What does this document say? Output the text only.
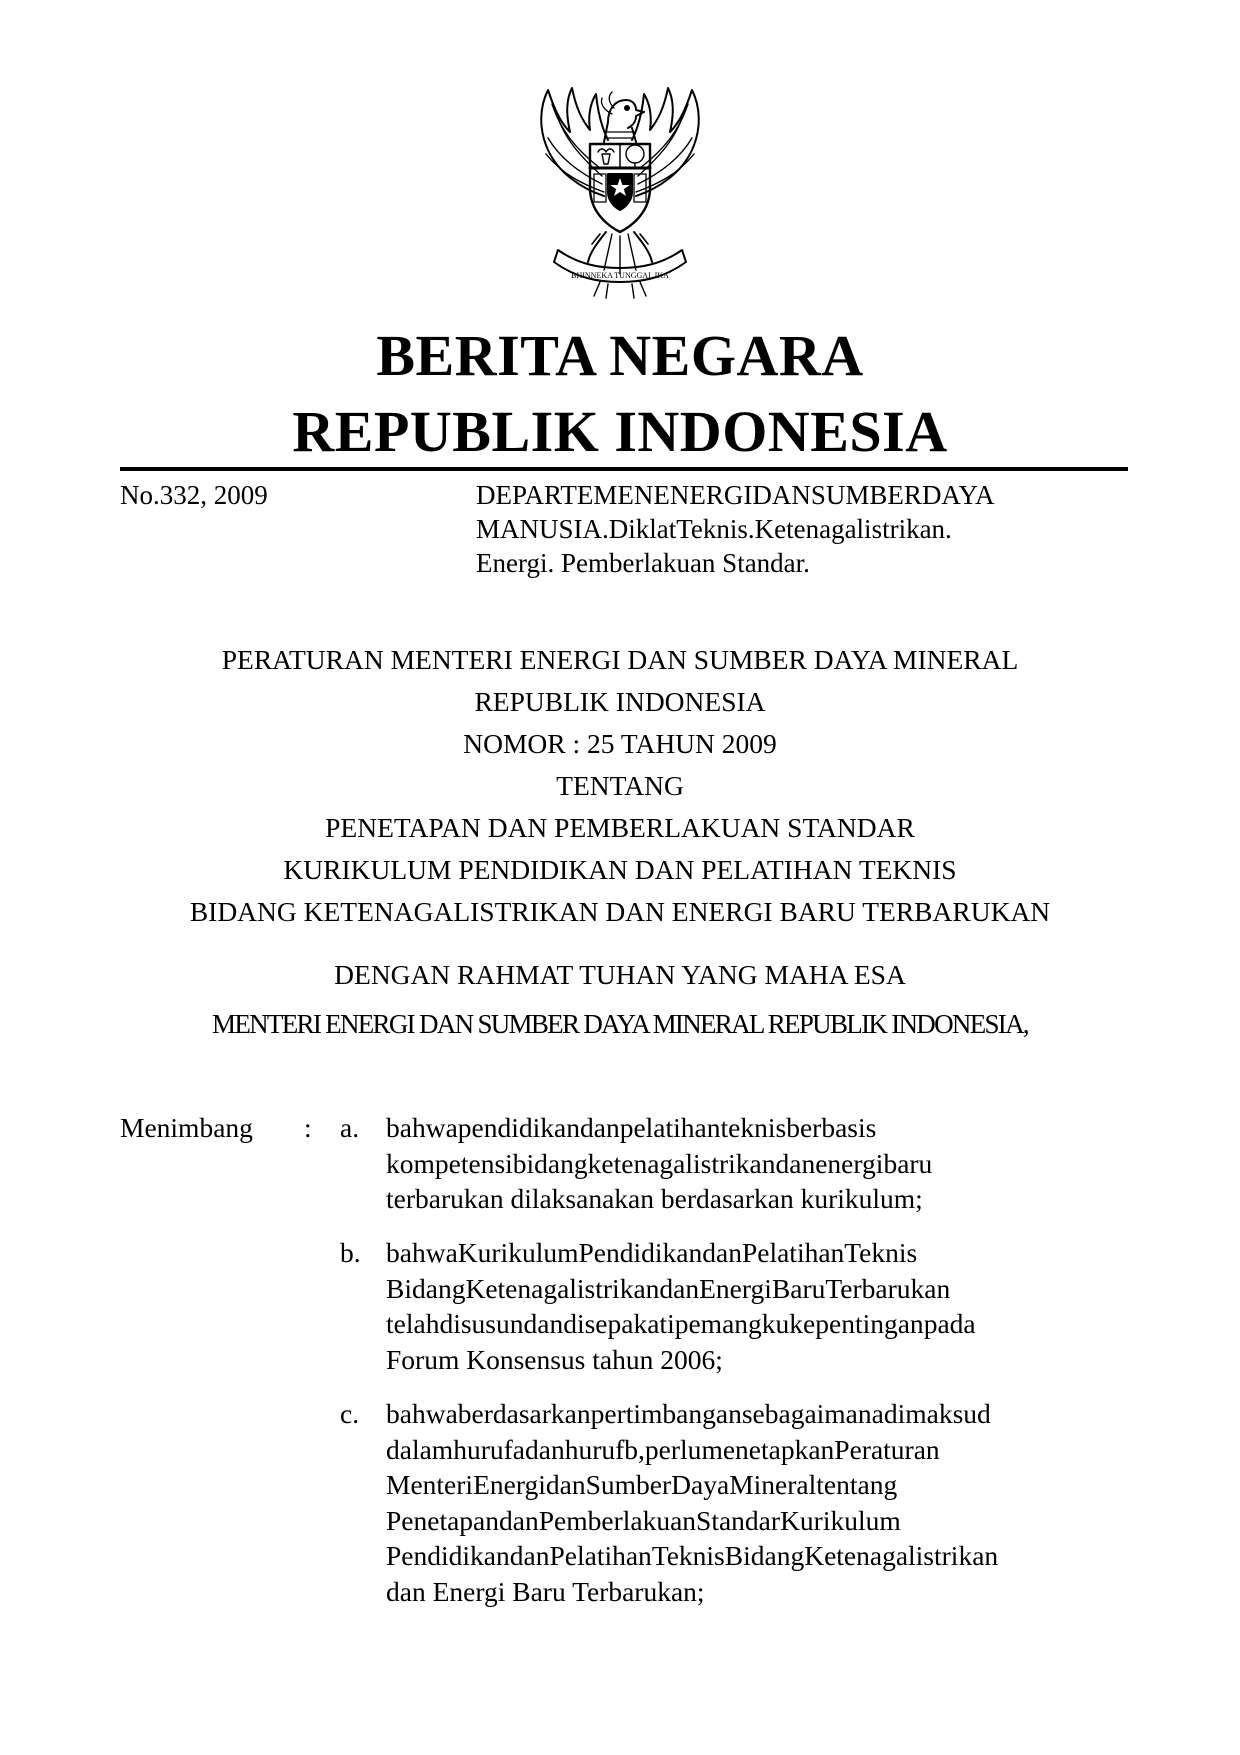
BHINNEKA TUNGGAL IKA
BERITA NEGARA
REPUBLIK INDONESIA
No.332, 2009	DEPARTEMENENERGIDANSUMBERDAYA
MANUSIA.DiklatTeknis.Ketenagalistrikan.
Energi. Pemberlakuan Standar.
PERATURAN MENTERI ENERGI DAN SUMBER DAYA MINERAL
REPUBLIK INDONESIA
NOMOR : 25 TAHUN 2009
TENTANG
PENETAPAN DAN PEMBERLAKUAN STANDAR
KURIKULUM PENDIDIKAN DAN PELATIHAN TEKNIS
BIDANG KETENAGALISTRIKAN DAN ENERGI BARU TERBARUKAN
DENGAN RAHMAT TUHAN YANG MAHA ESA
MENTERI ENERGI DAN SUMBER DAYA MINERAL REPUBLIK INDONESIA,
Menimbang : a. bahwapendidikandanpelatihanteknisberbasis
kompetensibidangketenagalistrikandanenergibaru
terbarukan dilaksanakan berdasarkan kurikulum;
b. bahwaKurikulumPendidikandanPelatihanTeknis
BidangKetenagalistrikandanEnergiBaruTerbarukan
telahdisusundandisepakatipemangkukepentinganpada
Forum Konsensus tahun 2006;
c. bahwaberdasarkanpertimbangansebagaimanadimaksud
dalamhurufadanhurufb,perlumenetapkanPeraturan
MenteriEnergidanSumberDayaMineraltentang
PenetapandanPemberlakuanStandarKurikulum
PendidikandanPelatihanTeknisBidangKetenagalistrikan
dan Energi Baru Terbarukan;
